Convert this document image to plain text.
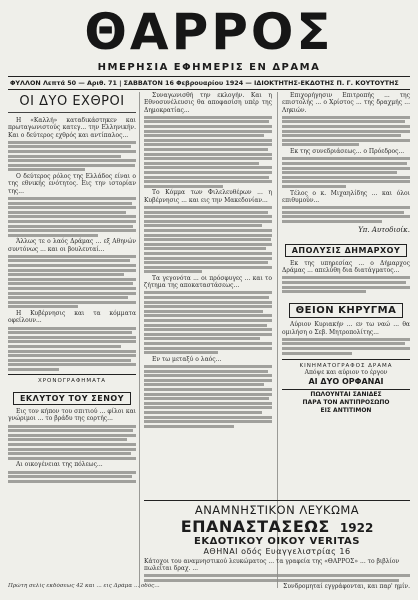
ΘΑΡΡΟΣ
ΗΜΕΡΗΣΙΑ ΕΦΗΜΕΡΙΣ ΕΝ ΔΡΑΜΑ
ΦΥΛΛΟΝ Λεπτά 50 — Αριθ. 71 | ΣΑΒΒΑΤΟΝ 16 Φεβρουαρίου 1924 — ΙΔΙΟΚΤΗΤΗΣ-ΕΚΔΟΤΗΣ Π. Γ. ΚΟΥΤΟΥΤΗΣ
ΟΙ ΔΥΟ ΕΧΘΡΟΙ

Η «Καλλή» καταδικάστηκεν και πρωταγωνιστούς κατεγ... την Ελληνικήν. Και ο δεύτερος εχθρός και αντίπαλος...

Ο δεύτερος ρόλος της Ελλάδος είναι ο της εθνικής ενότητος. Εις την ιστορίαν της...

Άλλως τε ο λαός Δράμας ... εξ Αθηνών συντόνως ... και οι βουλευταί...

Η Κυβέρνησις και τα κόμματα οφείλουν...

ΧΡΟΝΟΓΡΑΦΗΜΑΤΑ
ΕΚΛΥΤΟΥ ΤΟΥ ΣΕΝΟΥ

Εις τον κήπον του σπιτιού ... φίλοι και γνώριμοι ... το βράδυ της εορτής...

Αι οικογένειαι της πόλεως...

Συναγωνισθή την εκλογήν. Και η Εθνοσυνέλευσις θα αποφασίση υπέρ της Δημοκρατίας...

Το Κόμμα των Φιλελευθέρων ... η Κυβέρνησις ... και εις την Μακεδονίαν...

Τα γεγονότα ... οι πρόσφυγες ... και το ζήτημα της αποκαταστάσεως...

Εν τω μεταξύ ο λαός...

Επιχορήγησιν Επιτροπής ... της επιστολής ... ο Χρίστος ... της δραχμής ... Ληκιών.

Εκ της συνεδριάσεως... ο Πρόεδρος...

Τέλος ο κ. Μιχαηλίδης ... και όλοι επιθυμούν...

Υπ. Αυτοδιοίκ.
ΑΠΟΛΥΣΙΣ ΔΗΜΑΡΧΟΥ

Εκ της υπηρεσίας ... ο Δήμαρχος Δράμας ... απελύθη δια διατάγματος...

ΘΕΙΟΝ ΚΗΡΥΓΜΑ

Αύριον Κυριακήν ... εν τω ναώ ... θα ομιλήση ο Σεβ. Μητροπολίτης...

ΚΙΝΗΜΑΤΟΓΡΑΦΟΣ ΔΡΑΜΑ
Απόψε και αύριον το έργον
ΑΙ ΔΥΟ ΟΡΦΑΝΑΙ
ΠΩΛΟΥΝΤΑΙ ΣΑΝΙΔΕΣ
ΠΑΡΑ ΤΟΝ ΑΝΤΙΠΡΟΣΩΠΟ
ΕΙΣ ΑΝΤΙΤΙΜΟΝ
ΑΝΑΜΝΗΣΤΙΚΟΝ ΛΕΥΚΩΜΑ
ΕΠΑΝΑΣΤΑΣΕΩΣ 1922
ΕΚΔΟΤΙΚΟΥ ΟΙΚΟΥ VERITAS
ΑΘΗΝΑΙ οδός Ευαγγελιστρίας 16
Κάτοχοι του αναμνηστικού λευκώματος ... τα γραφεία της «ΘΑΡΡΟΣ» ... το βιβλίον πωλείται δραχ. ...
Συνδρομηταί εγγράφονται, και παρ' ημίν.
Πρώτη σελίς εκδόσεως 42 και ... εις Δράμα ... οδός...
